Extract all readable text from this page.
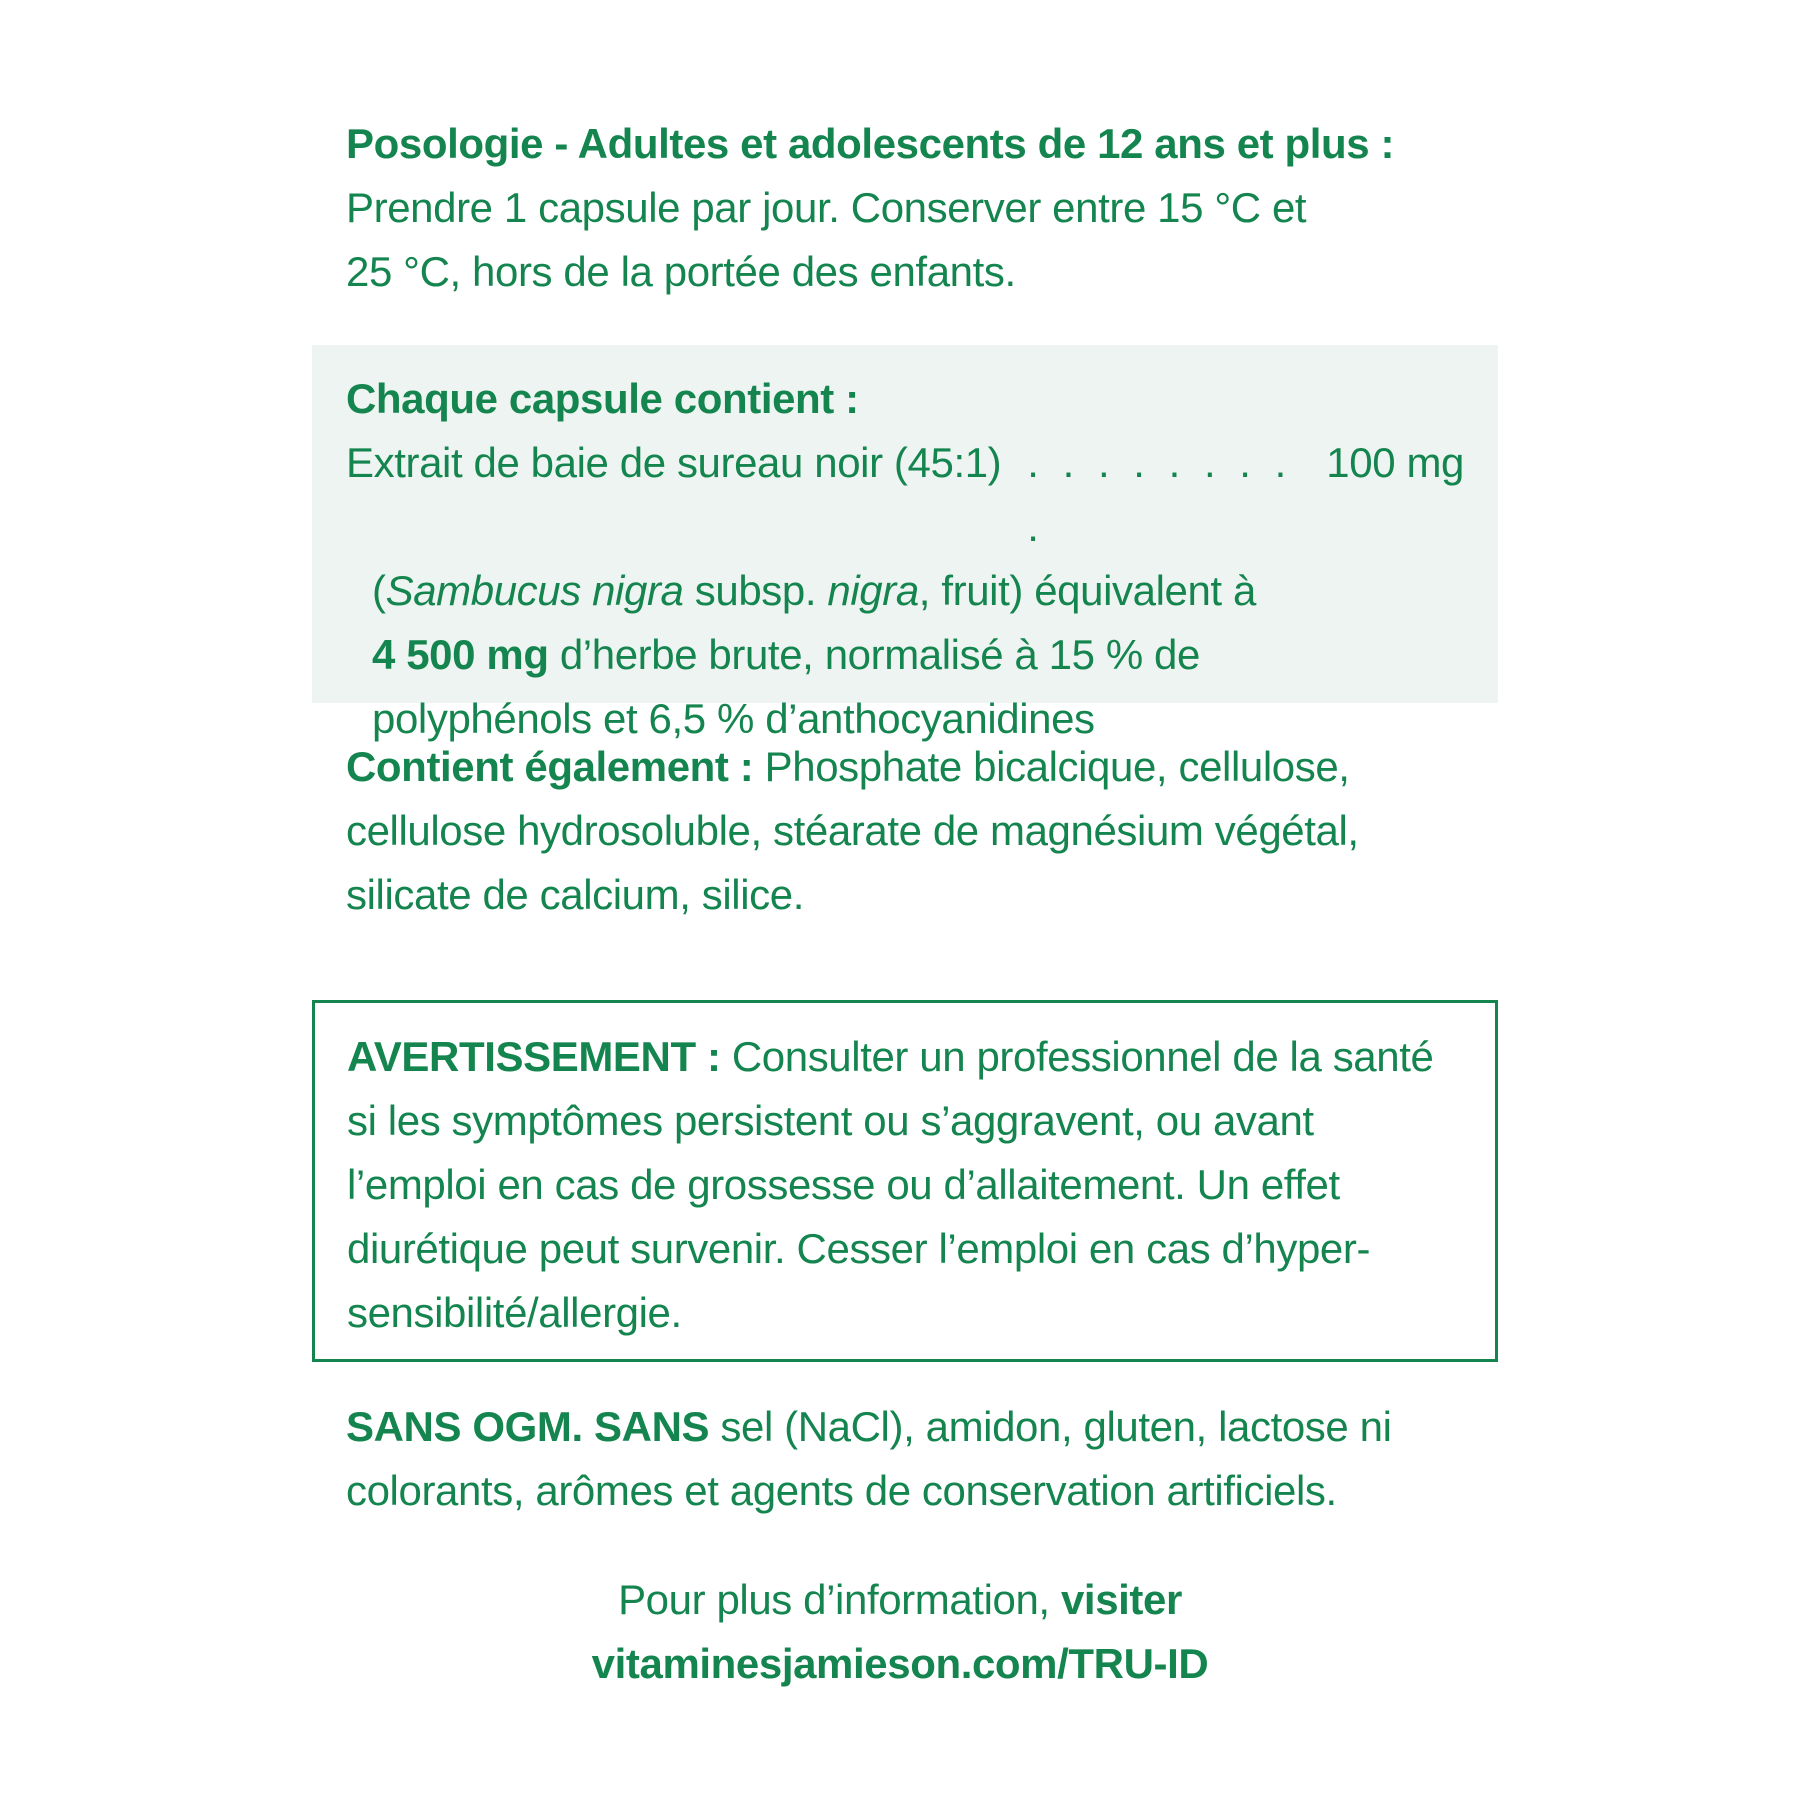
Posologie - Adultes et adolescents de 12 ans et plus :
Prendre 1 capsule par jour. Conserver entre 15 °C et
25 °C, hors de la portée des enfants.
Chaque capsule contient :
Extrait de baie de sureau noir (45:1) . . . . . . . . .
100 mg
(Sambucus nigra subsp. nigra, fruit) équivalent à
4 500 mg d’herbe brute, normalisé à 15 % de
polyphénols et 6,5 % d’anthocyanidines
Contient également : Phosphate bicalcique, cellulose,
cellulose hydrosoluble, stéarate de magnésium végétal,
silicate de calcium, silice.
AVERTISSEMENT : Consulter un professionnel de la santé
si les symptômes persistent ou s’aggravent, ou avant
l’emploi en cas de grossesse ou d’allaitement. Un effet
diurétique peut survenir. Cesser l’emploi en cas d’hyper-
sensibilité/allergie.
SANS OGM. SANS sel (NaCl), amidon, gluten, lactose ni
colorants, arômes et agents de conservation artificiels.
Pour plus d’information, visiter
vitaminesjamieson.com/TRU-ID
